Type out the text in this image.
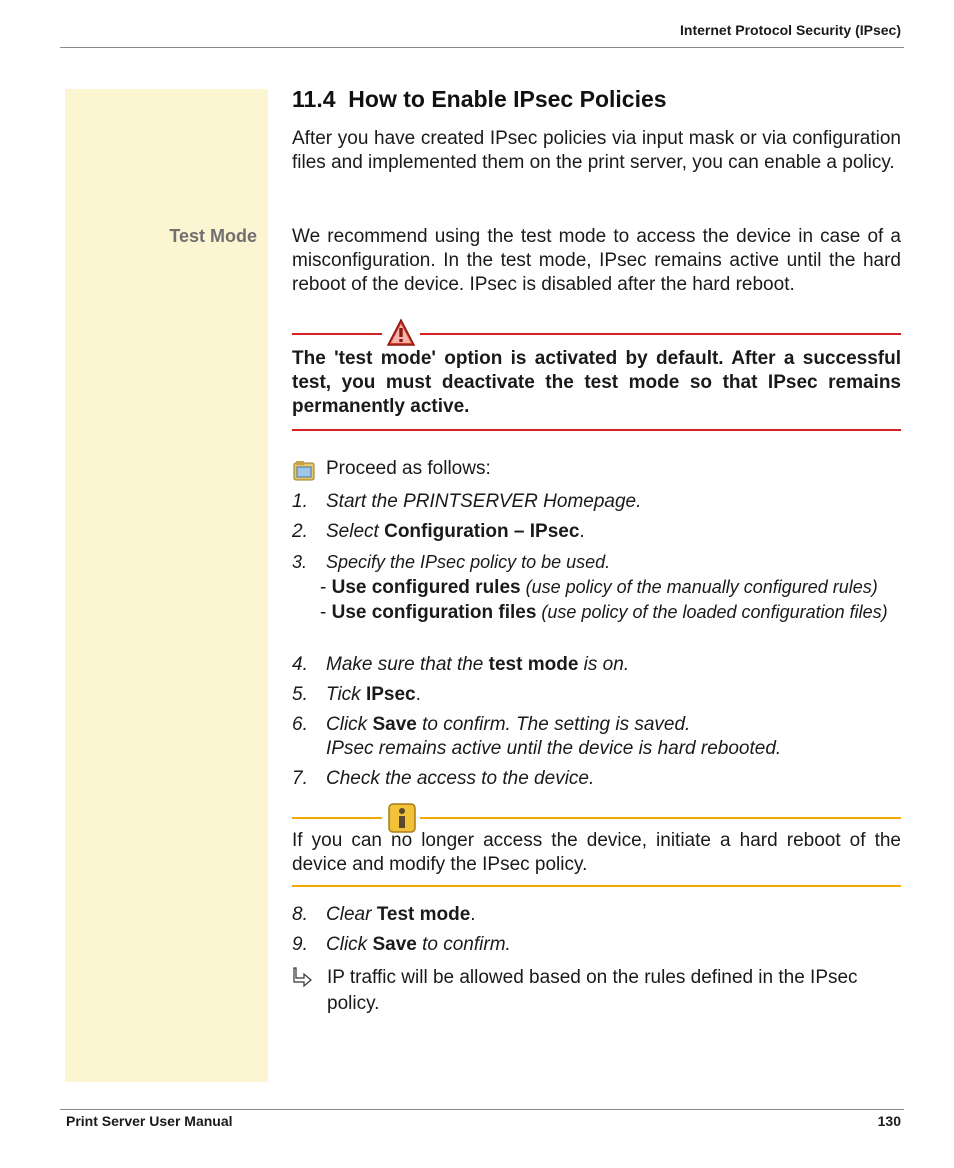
Internet Protocol Security (IPsec)
Test Mode
11.4 How to Enable IPsec Policies
After you have created IPsec policies via input mask or via configuration files and implemented them on the print server, you can enable a policy.
We recommend using the test mode to access the device in case of a misconfiguration. In the test mode, IPsec remains active until the hard reboot of the device. IPsec is disabled after the hard reboot.
The 'test mode' option is activated by default. After a successful test, you must deactivate the test mode so that IPsec remains permanently active.
Proceed as follows:
1. Start the PRINTSERVER Homepage.
2. Select Configuration – IPsec.
3.	Specify the IPsec policy to be used.
- Use configured rules (use policy of the manually configured rules)
- Use configuration files (use policy of the loaded configuration files)
4. Make sure that the test mode is on.
5. Tick IPsec.
6. Click Save to confirm. The setting is saved.
IPsec remains active until the device is hard rebooted.
7. Check the access to the device.
If you can no longer access the device, initiate a hard reboot of the device and modify the IPsec policy.
8. Clear Test mode.
9. Click Save to confirm.
IP traffic will be allowed based on the rules defined in the IPsec policy.
Print Server User Manual	130
